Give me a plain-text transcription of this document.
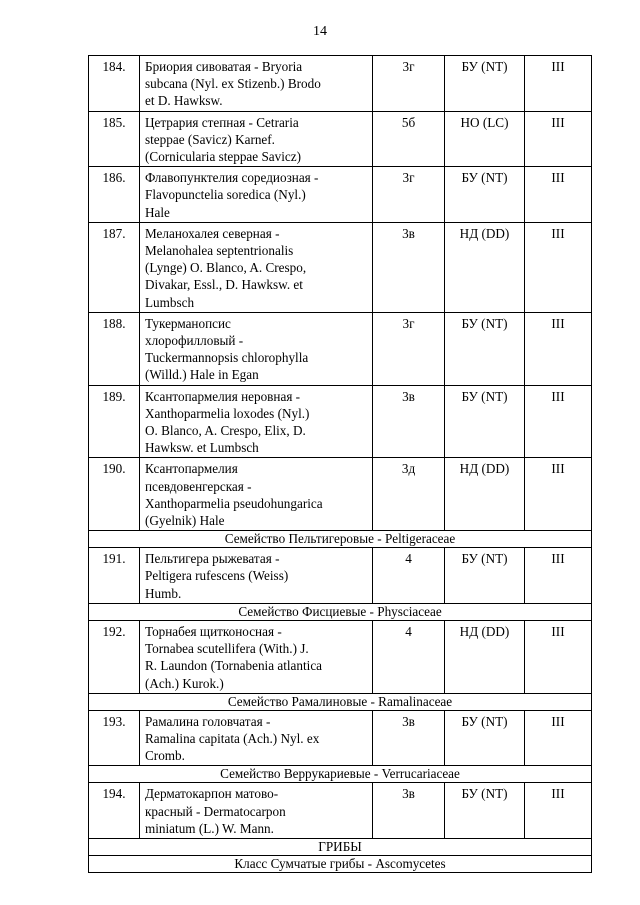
14
184.	Бриория сивоватая - Bryoria
subcana (Nyl. ex Stizenb.) Brodo
et D. Hawksw.	3г	БУ (NT)	III
185.	Цетрария степная - Cetraria
steppae (Savicz) Karnef.
(Cornicularia steppae Savicz)	5б	НО (LC)	III
186.	Флавопунктелия соредиозная -
Flavopunctelia soredica (Nyl.)
Hale	3г	БУ (NT)	III
187.	Меланохалея северная -
Melanohalea septentrionalis
(Lynge) O. Blanco, A. Crespo,
Divakar, Essl., D. Hawksw. et
Lumbsch	3в	НД (DD)	III
188.	Тукерманопсис
хлорофилловый -
Tuckermannopsis chlorophylla
(Willd.) Hale in Egan	3г	БУ (NT)	III
189.	Ксантопармелия неровная -
Xanthoparmelia loxodes (Nyl.)
O. Blanco, A. Crespo, Elix, D.
Hawksw. et Lumbsch	3в	БУ (NT)	III
190.	Ксантопармелия
псевдовенгерская -
Xanthoparmelia pseudohungarica
(Gyelnik) Hale	3д	НД (DD)	III
Семейство Пельтигеровые - Peltigeraceae				
191.	Пельтигера рыжеватая -
Peltigera rufescens (Weiss)
Humb.	4	БУ (NT)	III
Семейство Фисциевые - Physciaceae				
192.	Торнабея щитконосная -
Tornabea scutellifera (With.) J.
R. Laundon (Tornabenia atlantica
(Ach.) Kurok.)	4	НД (DD)	III
Семейство Рамалиновые - Ramalinaceae				
193.	Рамалина головчатая -
Ramalina capitata (Ach.) Nyl. ex
Cromb.	3в	БУ (NT)	III
Семейство Веррукариевые - Verrucariaceae				
194.	Дерматокарпон матово-
красный - Dermatocarpon
miniatum (L.) W. Mann.	3в	БУ (NT)	III
ГРИБЫ				
Класс Сумчатые грибы - Ascomycetes				
